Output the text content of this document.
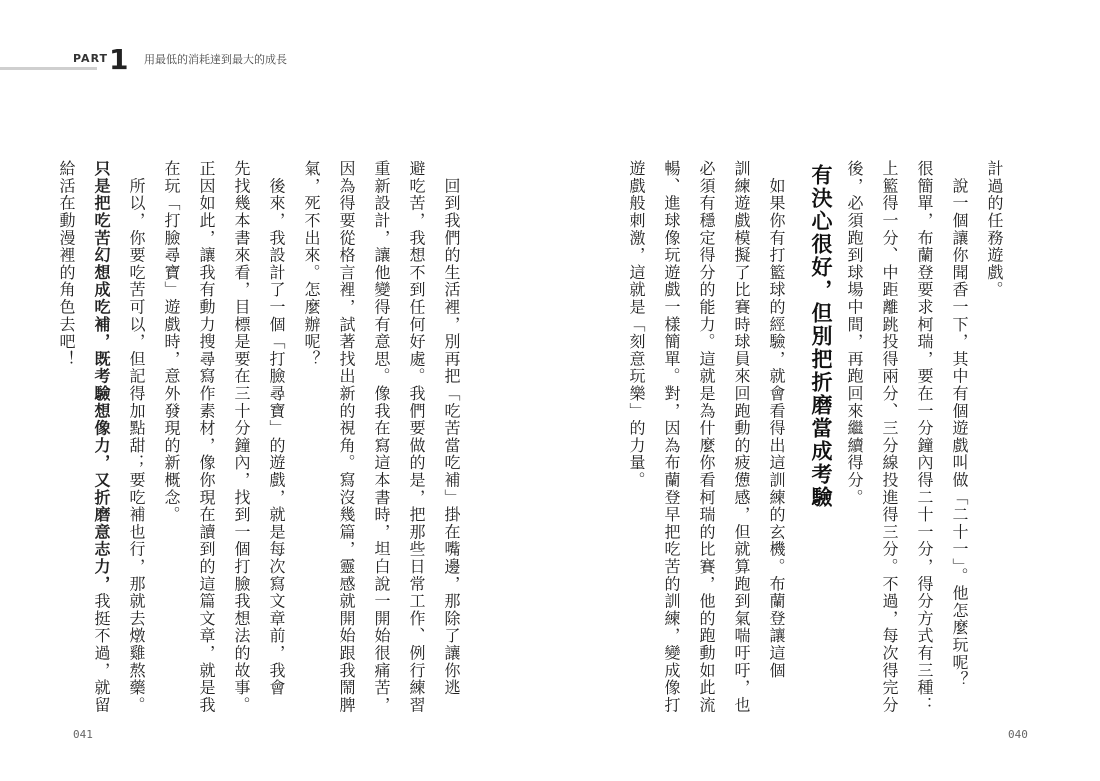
PART 1 用最低的消耗達到最大的成長
計過的任務遊戲。
　說一個讓你聞香一下，其中有個遊戲叫做「二十一」。他怎麼玩呢？
很簡單，布蘭登要求柯瑞，要在一分鐘內得二十一分，得分方式有三種：
上籃得一分、中距離跳投得兩分、三分線投進得三分。不過，每次得完分
後，必須跑到球場中間，再跑回來繼續得分。
有決心很好，但別把折磨當成考驗
　如果你有打籃球的經驗，就會看得出這訓練的玄機。布蘭登讓這個
訓練遊戲模擬了比賽時球員來回跑動的疲憊感，但就算跑到氣喘吁吁，也
必須有穩定得分的能力。這就是為什麼你看柯瑞的比賽，他的跑動如此流
暢、進球像玩遊戲一樣簡單。對，因為布蘭登早把吃苦的訓練，變成像打
遊戲般刺激，這就是「刻意玩樂」的力量。
　回到我們的生活裡，別再把「吃苦當吃補」掛在嘴邊，那除了讓你逃
避吃苦，我想不到任何好處。我們要做的是，把那些日常工作、例行練習
重新設計，讓他變得有意思。像我在寫這本書時，坦白說一開始很痛苦，
因為得要從格言裡，試著找出新的視角。寫沒幾篇，靈感就開始跟我鬧脾
氣，死不出來。怎麼辦呢？
　後來，我設計了一個「打臉尋寶」的遊戲，就是每次寫文章前，我會
先找幾本書來看，目標是要在三十分鐘內，找到一個打臉我想法的故事。
正因如此，讓我有動力搜尋寫作素材，像你現在讀到的這篇文章，就是我
在玩「打臉尋寶」遊戲時，意外發現的新概念。
　所以，你要吃苦可以，但記得加點甜；要吃補也行，那就去燉雞熬藥。
只是把吃苦幻想成吃補，既考驗想像力，又折磨意志力，我挺不過，就留
給活在動漫裡的角色去吧！
041	040
